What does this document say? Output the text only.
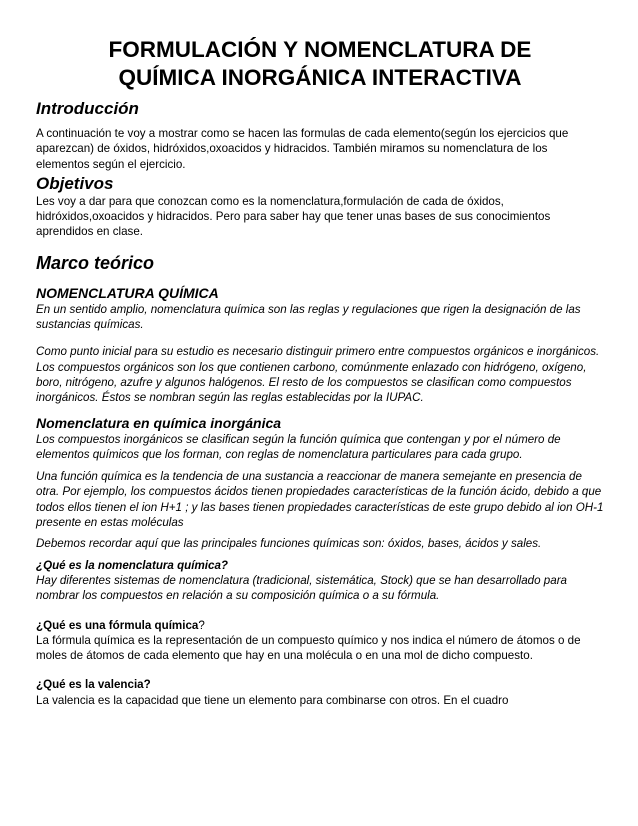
FORMULACIÓN Y NOMENCLATURA DE
QUÍMICA INORGÁNICA INTERACTIVA
Introducción

A continuación te voy a mostrar como se hacen las formulas de cada elemento(según los ejercicios que aparezcan) de óxidos, hidróxidos,oxoacidos y hidracidos. También miramos su nomenclatura de los elementos según el ejercicio.

Objetivos

Les voy a dar para que conozcan como es la nomenclatura,formulación de cada de óxidos, hidróxidos,oxoacidos y hidracidos. Pero para saber hay que tener unas bases de sus conocimientos aprendidos en clase.

Marco teórico
NOMENCLATURA QUÍMICA

En un sentido amplio, nomenclatura química son las reglas y regulaciones que rigen la designación de las sustancias químicas.

Como punto inicial para su estudio es necesario distinguir primero entre compuestos orgánicos e inorgánicos.

Los compuestos orgánicos son los que contienen carbono, comúnmente enlazado con hidrógeno, oxígeno, boro, nitrógeno, azufre y algunos halógenos. El resto de los compuestos se clasifican como compuestos inorgánicos. Éstos se nombran según las reglas establecidas por la IUPAC.

Nomenclatura en química inorgánica

Los compuestos inorgánicos se clasifican según la función química que contengan y por el número de elementos químicos que los forman, con reglas de nomenclatura particulares para cada grupo.

Una función química es la tendencia de una sustancia a reaccionar de manera semejante en presencia de otra. Por ejemplo, los compuestos ácidos tienen propiedades características de la función ácido, debido a que todos ellos tienen el ion H+1 ; y las bases tienen propiedades características de este grupo debido al ion OH-1 presente en estas moléculas

Debemos recordar aquí que las principales funciones químicas son: óxidos, bases, ácidos y sales.

¿Qué es la nomenclatura química?

Hay diferentes sistemas de nomenclatura (tradicional, sistemática, Stock) que se han desarrollado para nombrar los compuestos en relación a su composición química o a su fórmula.

¿Qué es una fórmula química?

La fórmula química es la representación de un compuesto químico y nos indica el número de átomos o de moles de átomos de cada elemento que hay en una molécula o en una mol de dicho compuesto.

¿Qué es la valencia?

La valencia es la capacidad que tiene un elemento para combinarse con otros. En el cuadro
